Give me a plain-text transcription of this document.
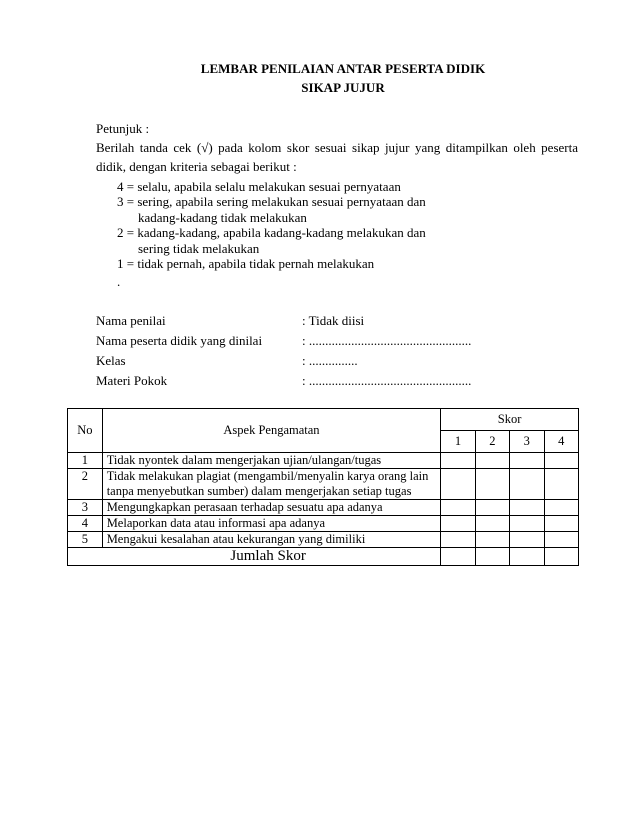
LEMBAR PENILAIAN ANTAR PESERTA DIDIK
SIKAP JUJUR
Petunjuk :
Berilah tanda cek (√) pada kolom skor sesuai sikap jujur yang ditampilkan oleh peserta didik, dengan kriteria sebagai berikut :
4 = selalu, apabila selalu melakukan sesuai pernyataan
3 = sering, apabila sering melakukan sesuai pernyataan dan
kadang-kadang tidak melakukan
2 = kadang-kadang, apabila kadang-kadang melakukan dan
sering tidak melakukan
1 = tidak pernah, apabila tidak pernah melakukan
.
Nama penilai	: Tidak diisi
Nama peserta didik yang dinilai	: ..................................................
Kelas	: ...............
Materi Pokok	: ..................................................
No	Aspek Pengamatan	Skor			
		1	2	3	4
1	Tidak nyontek dalam mengerjakan ujian/ulangan/tugas				
2	Tidak melakukan plagiat (mengambil/menyalin karya orang lain tanpa menyebutkan sumber) dalam mengerjakan setiap tugas				
3	Mengungkapkan perasaan terhadap sesuatu apa adanya				
4	Melaporkan data atau informasi apa adanya				
5	Mengakui kesalahan atau kekurangan yang dimiliki				
Jumlah Skor					
